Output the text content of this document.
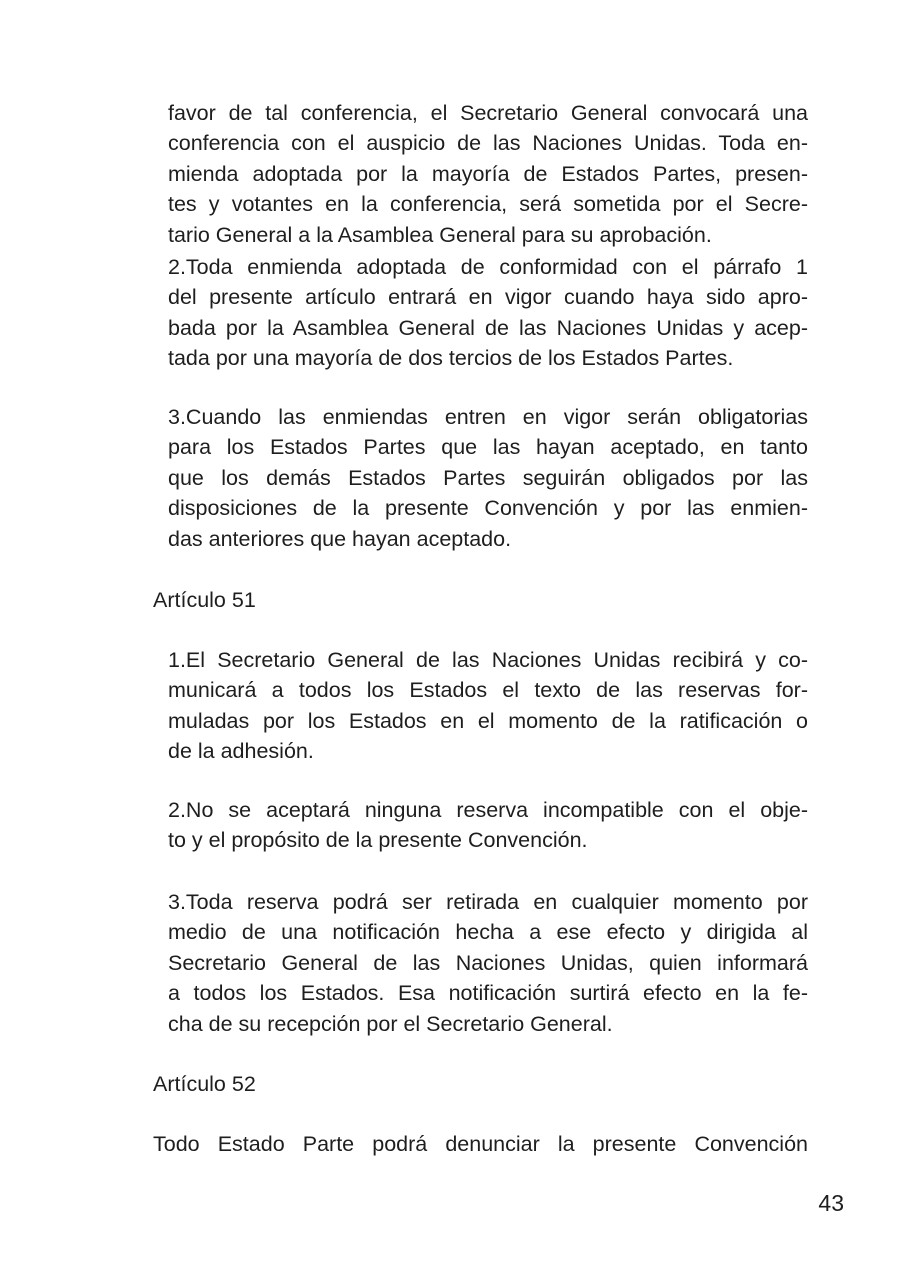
favor de tal conferencia, el Secretario General convocará una
conferencia con el auspicio de las Naciones Unidas. Toda en-
mienda adoptada por la mayoría de Estados Partes, presen-
tes y votantes en la conferencia, será sometida por el Secre-
tario General a la Asamblea General para su aprobación.
2.Toda enmienda adoptada de conformidad con el párrafo 1
del presente artículo entrará en vigor cuando haya sido apro-
bada por la Asamblea General de las Naciones Unidas y acep-
tada por una mayoría de dos tercios de los Estados Partes.
3.Cuando las enmiendas entren en vigor serán obligatorias
para los Estados Partes que las hayan aceptado, en tanto
que los demás Estados Partes seguirán obligados por las
disposiciones de la presente Convención y por las enmien-
das anteriores que hayan aceptado.
Artículo 51
1.El Secretario General de las Naciones Unidas recibirá y co-
municará a todos los Estados el texto de las reservas for-
muladas por los Estados en el momento de la ratificación o
de la adhesión.
2.No se aceptará ninguna reserva incompatible con el obje-
to y el propósito de la presente Convención.
3.Toda reserva podrá ser retirada en cualquier momento por
medio de una notificación hecha a ese efecto y dirigida al
Secretario General de las Naciones Unidas, quien informará
a todos los Estados. Esa notificación surtirá efecto en la fe-
cha de su recepción por el Secretario General.
Artículo 52
Todo Estado Parte podrá denunciar la presente Convención
43
